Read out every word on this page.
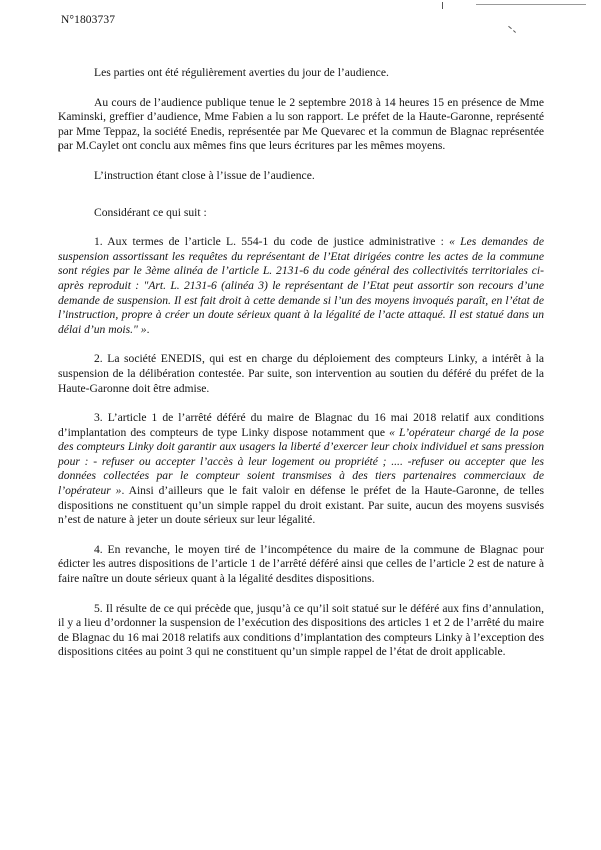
N°1803737

Les parties ont été régulièrement averties du jour de l’audience.

Au cours de l’audience publique tenue le 2 septembre 2018 à 14 heures 15 en présence de Mme Kaminski, greffier d’audience, Mme Fabien a lu son rapport. Le préfet de la Haute-Garonne, représenté par Mme Teppaz, la société Enedis, représentée par Me Quevarec et la commun de Blagnac représentée par M.Caylet ont conclu aux mêmes fins que leurs écritures par les mêmes moyens.

L’instruction étant close à l’issue de l’audience.

Considérant ce qui suit :

1. Aux termes de l’article L. 554-1 du code de justice administrative : « Les demandes de suspension assortissant les requêtes du représentant de l’Etat dirigées contre les actes de la commune sont régies par le 3ème alinéa de l’article L. 2131-6 du code général des collectivités territoriales ci-après reproduit : "Art. L. 2131-6 (alinéa 3) le représentant de l’Etat peut assortir son recours d’une demande de suspension. Il est fait droit à cette demande si l’un des moyens invoqués paraît, en l’état de l’instruction, propre à créer un doute sérieux quant à la légalité de l’acte attaqué. Il est statué dans un délai d’un mois." ».

2. La société ENEDIS, qui est en charge du déploiement des compteurs Linky, a intérêt à la suspension de la délibération contestée. Par suite, son intervention au soutien du déféré du préfet de la Haute-Garonne doit être admise.

3. L’article 1 de l’arrêté déféré du maire de Blagnac du 16 mai 2018 relatif aux conditions d’implantation des compteurs de type Linky dispose notamment que « L’opérateur chargé de la pose des compteurs Linky doit garantir aux usagers la liberté d’exercer leur choix individuel et sans pression pour : - refuser ou accepter l’accès à leur logement ou propriété ; .... -refuser ou accepter que les données collectées par le compteur soient transmises à des tiers partenaires commerciaux de l’opérateur ». Ainsi d’ailleurs que le fait valoir en défense le préfet de la Haute-Garonne, de telles dispositions ne constituent qu’un simple rappel du droit existant. Par suite, aucun des moyens susvisés n’est de nature à jeter un doute sérieux sur leur légalité.

4. En revanche, le moyen tiré de l’incompétence du maire de la commune de Blagnac pour édicter les autres dispositions de l’article 1 de l’arrêté déféré ainsi que celles de l’article 2 est de nature à faire naître un doute sérieux quant à la légalité desdites dispositions.

5. Il résulte de ce qui précède que, jusqu’à ce qu’il soit statué sur le déféré aux fins d’annulation, il y a lieu d’ordonner la suspension de l’exécution des dispositions des articles 1 et 2 de l’arrêté du maire de Blagnac du 16 mai 2018 relatifs aux conditions d’implantation des compteurs Linky à l’exception des dispositions citées au point 3 qui ne constituent qu’un simple rappel de l’état de droit applicable.
